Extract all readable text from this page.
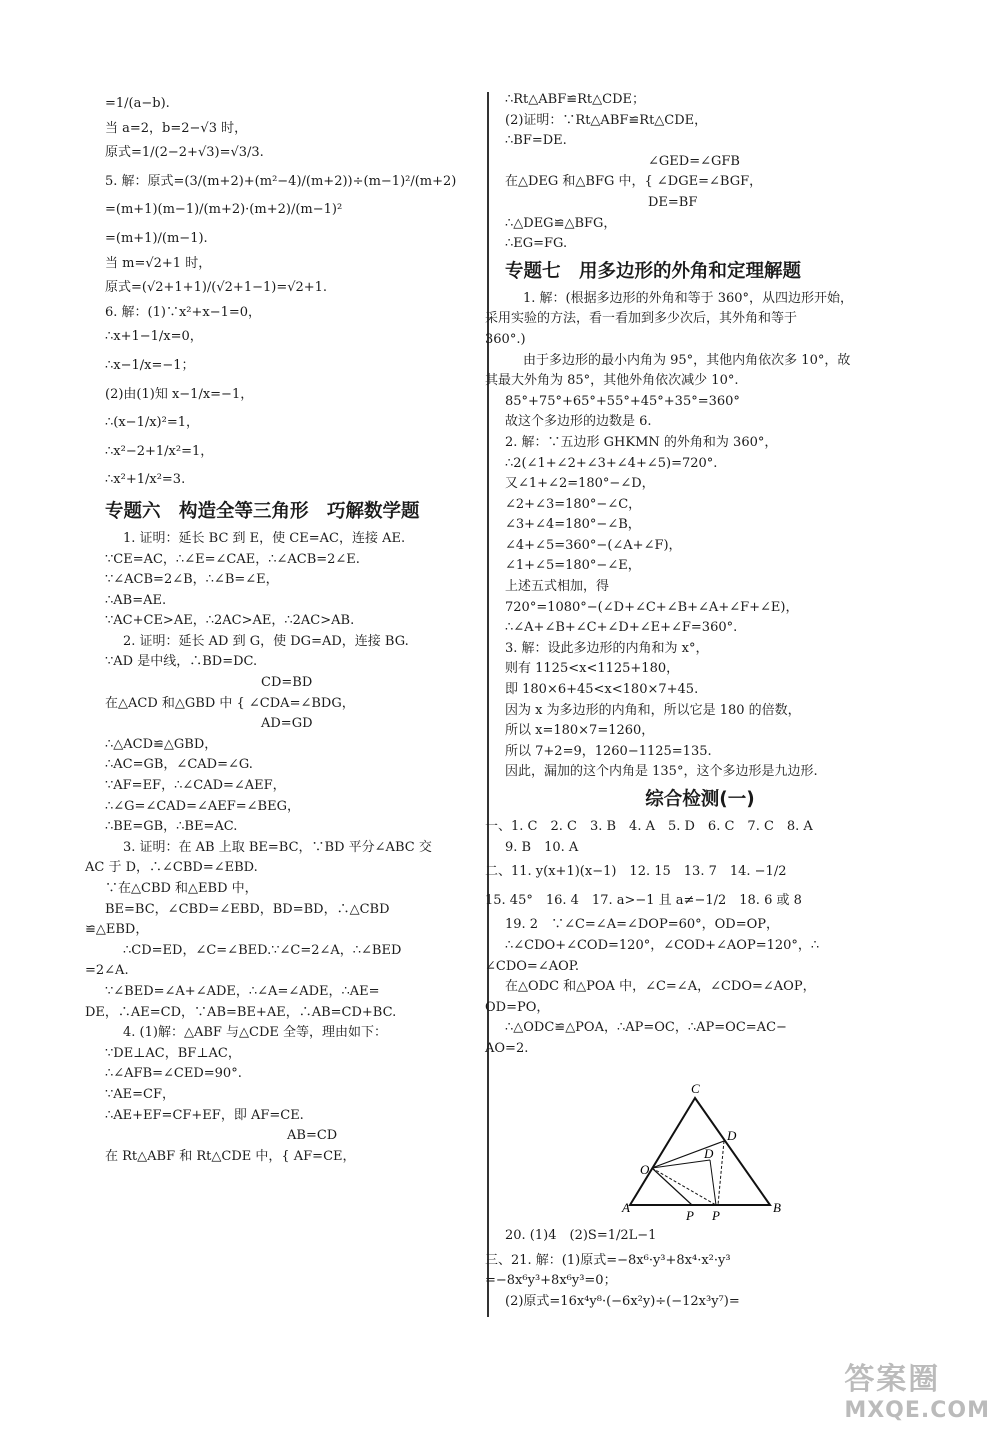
=1/(a−b).
当 a=2，b=2−√3 时，
原式=1/(2−2+√3)=√3/3.
5. 解：原式=(3/(m+2)+(m²−4)/(m+2))÷(m−1)²/(m+2)
=(m+1)(m−1)/(m+2)·(m+2)/(m−1)²
=(m+1)/(m−1).
当 m=√2+1 时，
原式=(√2+1+1)/(√2+1−1)=√2+1.
6. 解：(1)∵x²+x−1=0，
∴x+1−1/x=0，
∴x−1/x=−1；
(2)由(1)知 x−1/x=−1，
∴(x−1/x)²=1，
∴x²−2+1/x²=1，
∴x²+1/x²=3.
专题六　构造全等三角形　巧解数学题
1. 证明：延长 BC 到 E，使 CE=AC，连接 AE.
∵CE=AC，∴∠E=∠CAE，∴∠ACB=2∠E.
∵∠ACB=2∠B，∴∠B=∠E，
∴AB=AE.
∵AC+CE>AE，∴2AC>AE，∴2AC>AB.
2. 证明：延长 AD 到 G，使 DG=AD，连接 BG.
∵AD 是中线，∴BD=DC.
　　　　　　　　　　　　CD=BD
在△ACD 和△GBD 中 { ∠CDA=∠BDG，
　　　　　　　　　　　　AD=GD
∴△ACD≌△GBD，
∴AC=GB，∠CAD=∠G.
∵AF=EF，∴∠CAD=∠AEF，
∴∠G=∠CAD=∠AEF=∠BEG，
∴BE=GB，∴BE=AC.
3. 证明：在 AB 上取 BE=BC，∵BD 平分∠ABC 交
AC 于 D，∴∠CBD=∠EBD.
∵在△CBD 和△EBD 中，
BE=BC，∠CBD=∠EBD，BD=BD，∴△CBD
≌△EBD，
∴CD=ED，∠C=∠BED.∵∠C=2∠A，∴∠BED
=2∠A.
∵∠BED=∠A+∠ADE，∴∠A=∠ADE，∴AE=
DE，∴AE=CD，∵AB=BE+AE，∴AB=CD+BC.
4. (1)解：△ABF 与△CDE 全等，理由如下：
∵DE⊥AC，BF⊥AC，
∴∠AFB=∠CED=90°.
∵AE=CF，
∴AE+EF=CF+EF，即 AF=CE.
　　　　　　　　　　　　　　AB=CD
在 Rt△ABF 和 Rt△CDE 中，{ AF=CE，
∴Rt△ABF≌Rt△CDE；
(2)证明：∵Rt△ABF≌Rt△CDE，
∴BF=DE.
　　　　　　　　　　　∠GED=∠GFB
在△DEG 和△BFG 中，{ ∠DGE=∠BGF，
　　　　　　　　　　　DE=BF
∴△DEG≌△BFG，
∴EG=FG.
专题七　用多边形的外角和定理解题
1. 解：(根据多边形的外角和等于 360°，从四边形开始，
采用实验的方法，看一看加到多少次后，其外角和等于
360°.)
由于多边形的最小内角为 95°，其他内角依次多 10°，故
其最大外角为 85°，其他外角依次减少 10°.
85°+75°+65°+55°+45°+35°=360°
故这个多边形的边数是 6.
2. 解：∵五边形 GHKMN 的外角和为 360°，
∴2(∠1+∠2+∠3+∠4+∠5)=720°.
又∠1+∠2=180°−∠D，
∠2+∠3=180°−∠C，
∠3+∠4=180°−∠B，
∠4+∠5=360°−(∠A+∠F)，
∠1+∠5=180°−∠E，
上述五式相加，得
720°=1080°−(∠D+∠C+∠B+∠A+∠F+∠E)，
∴∠A+∠B+∠C+∠D+∠E+∠F=360°.
3. 解：设此多边形的内角和为 x°，
则有 1125<x<1125+180，
即 180×6+45<x<180×7+45.
因为 x 为多边形的内角和，所以它是 180 的倍数，
所以 x=180×7=1260，
所以 7+2=9，1260−1125=135.
因此，漏加的这个内角是 135°，这个多边形是九边形.
综合检测(一)
一、1. C　2. C　3. B　4. A　5. D　6. C　7. C　8. A
9. B　10. A
二、11. y(x+1)(x−1)　12. 15　13. 7　14. −1/2
15. 45°　16. 4　17. a>−1 且 a≠−1/2　18. 6 或 8
19. 2　∵∠C=∠A=∠DOP=60°，OD=OP，
∴∠CDO+∠COD=120°，∠COD+∠AOP=120°，∴
∠CDO=∠AOP.
在△ODC 和△POA 中，∠C=∠A，∠CDO=∠AOP，
OD=PO，
∴△ODC≌△POA，∴AP=OC，∴AP=OC=AC−
AO=2.
20. (1)4　(2)S=1/2L−1
三、21. 解：(1)原式=−8x⁶·y³+8x⁴·x²·y³
=−8x⁶y³+8x⁶y³=0；
(2)原式=16x⁴y⁸·(−6x²y)÷(−12x³y⁷)=
C
D
D
O
A
P P
B
答案圈
MXQE.COM
